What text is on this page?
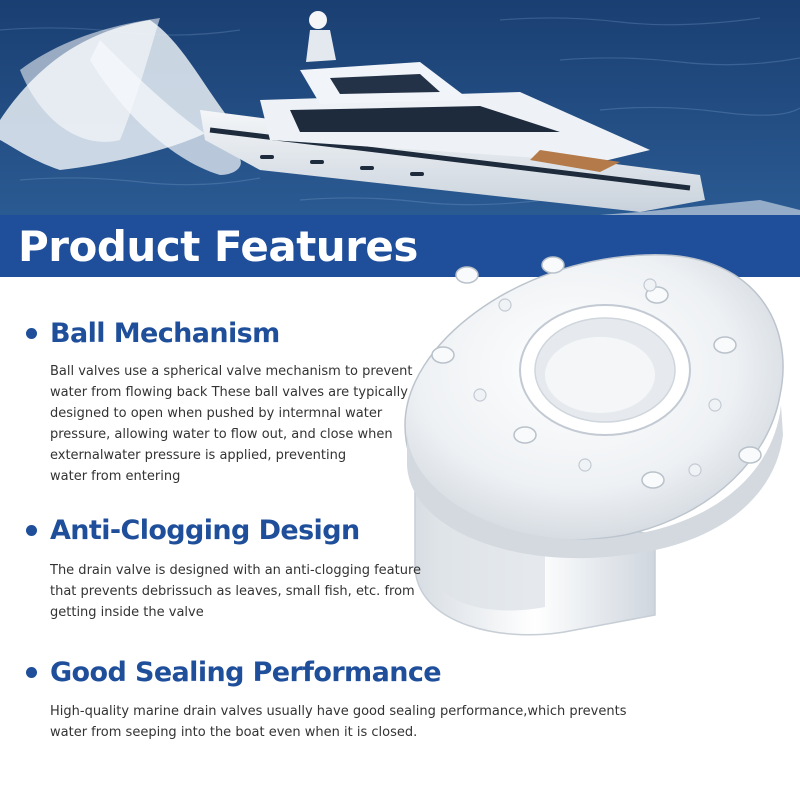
Product Features
Ball Mechanism
Ball valves use a spherical valve mechanism to prevent
water from flowing back These ball valves are typically
designed to open when pushed by intermnal water
pressure, allowing water to flow out, and close when
externalwater pressure is applied, preventing
water from entering
Anti-Clogging Design
The drain valve is designed with an anti-clogging feature
that prevents debrissuch as leaves, small fish, etc. from
getting inside the valve
Good Sealing Performance
High-quality marine drain valves usually have good sealing performance,which prevents
water from seeping into the boat even when it is closed.
